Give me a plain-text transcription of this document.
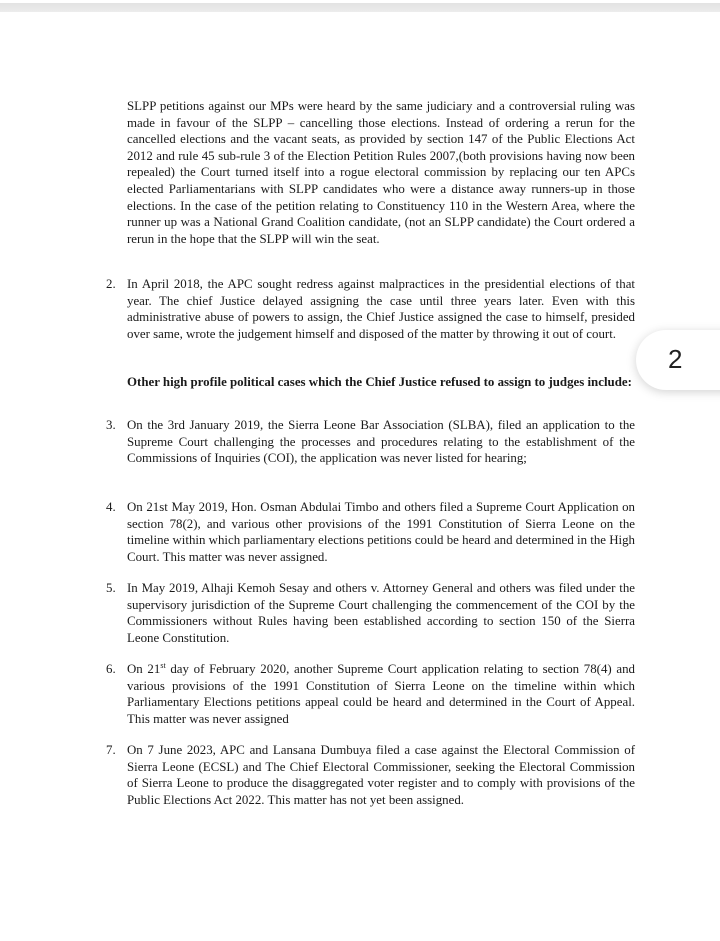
SLPP petitions against our MPs were heard by the same judiciary and a controversial ruling was made in favour of the SLPP – cancelling those elections. Instead of ordering a rerun for the cancelled elections and the vacant seats, as provided by section 147 of the Public Elections Act 2012 and rule 45 sub-rule 3 of the Election Petition Rules 2007,(both provisions having now been repealed) the Court turned itself into a rogue electoral commission by replacing our ten APCs elected Parliamentarians with SLPP candidates who were a distance away runners-up in those elections. In the case of the petition relating to Constituency 110 in the Western Area, where the runner up was a National Grand Coalition candidate, (not an SLPP candidate) the Court ordered a rerun in the hope that the SLPP will win the seat.

2. In April 2018, the APC sought redress against malpractices in the presidential elections of that year. The chief Justice delayed assigning the case until three years later. Even with this administrative abuse of powers to assign, the Chief Justice assigned the case to himself, presided over same, wrote the judgement himself and disposed of the matter by throwing it out of court.

Other high profile political cases which the Chief Justice refused to assign to judges include:

3. On the 3rd January 2019, the Sierra Leone Bar Association (SLBA), filed an application to the Supreme Court challenging the processes and procedures relating to the establishment of the Commissions of Inquiries (COI), the application was never listed for hearing;
4. On 21st May 2019, Hon. Osman Abdulai Timbo and others filed a Supreme Court Application on section 78(2), and various other provisions of the 1991 Constitution of Sierra Leone on the timeline within which parliamentary elections petitions could be heard and determined in the High Court. This matter was never assigned.
5. In May 2019, Alhaji Kemoh Sesay and others v. Attorney General and others was filed under the supervisory jurisdiction of the Supreme Court challenging the commencement of the COI by the Commissioners without Rules having been established according to section 150 of the Sierra Leone Constitution.
6. On 21st day of February 2020, another Supreme Court application relating to section 78(4) and various provisions of the 1991 Constitution of Sierra Leone on the timeline within which Parliamentary Elections petitions appeal could be heard and determined in the Court of Appeal. This matter was never assigned
7. On 7 June 2023, APC and Lansana Dumbuya filed a case against the Electoral Commission of Sierra Leone (ECSL) and The Chief Electoral Commissioner, seeking the Electoral Commission of Sierra Leone to produce the disaggregated voter register and to comply with provisions of the Public Elections Act 2022. This matter has not yet been assigned.
2
